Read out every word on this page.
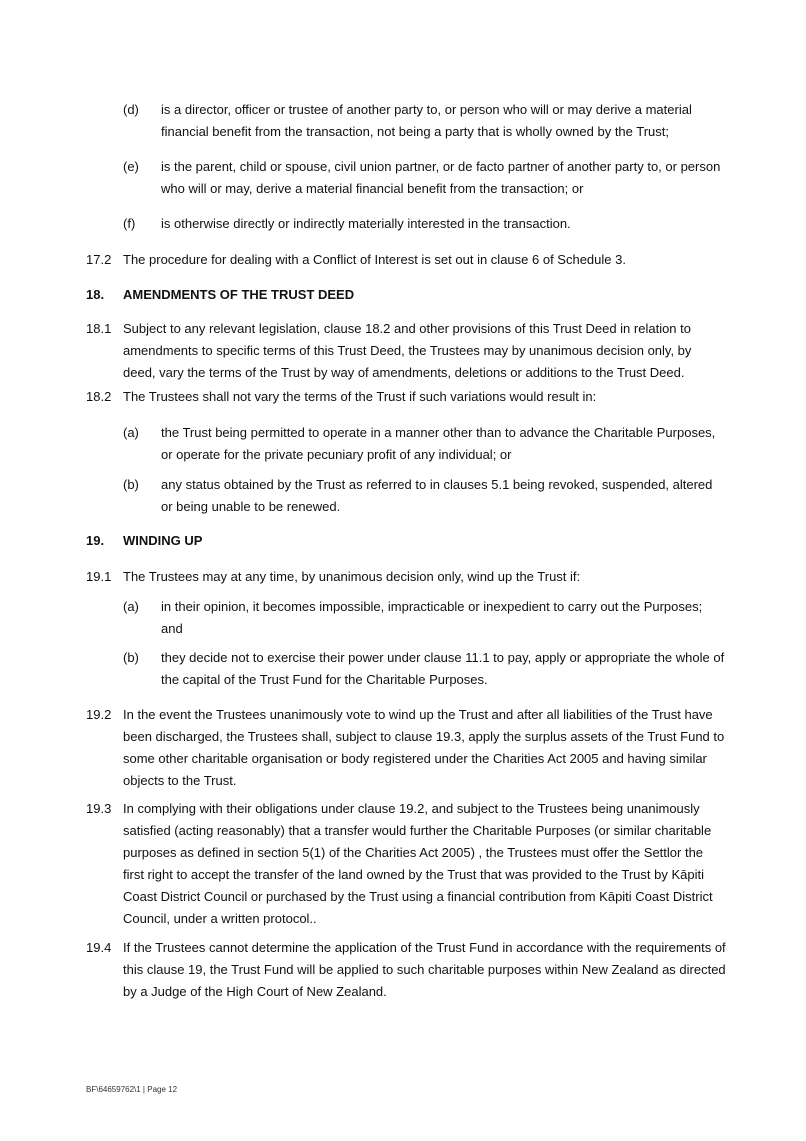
(d) is a director, officer or trustee of another party to, or person who will or may derive a material financial benefit from the transaction, not being a party that is wholly owned by the Trust;
(e) is the parent, child or spouse, civil union partner, or de facto partner of another party to, or person who will or may, derive a material financial benefit from the transaction; or
(f) is otherwise directly or indirectly materially interested in the transaction.
17.2 The procedure for dealing with a Conflict of Interest is set out in clause 6 of Schedule 3.
18. AMENDMENTS OF THE TRUST DEED
18.1 Subject to any relevant legislation, clause 18.2 and other provisions of this Trust Deed in relation to amendments to specific terms of this Trust Deed, the Trustees may by unanimous decision only, by deed, vary the terms of the Trust by way of amendments, deletions or additions to the Trust Deed.
18.2 The Trustees shall not vary the terms of the Trust if such variations would result in:
(a) the Trust being permitted to operate in a manner other than to advance the Charitable Purposes, or operate for the private pecuniary profit of any individual; or
(b) any status obtained by the Trust as referred to in clauses 5.1 being revoked, suspended, altered or being unable to be renewed.
19. WINDING UP
19.1 The Trustees may at any time, by unanimous decision only, wind up the Trust if:
(a) in their opinion, it becomes impossible, impracticable or inexpedient to carry out the Purposes; and
(b) they decide not to exercise their power under clause 11.1 to pay, apply or appropriate the whole of the capital of the Trust Fund for the Charitable Purposes.
19.2 In the event the Trustees unanimously vote to wind up the Trust and after all liabilities of the Trust have been discharged, the Trustees shall, subject to clause 19.3, apply the surplus assets of the Trust Fund to some other charitable organisation or body registered under the Charities Act 2005 and having similar objects to the Trust.
19.3 In complying with their obligations under clause 19.2, and subject to the Trustees being unanimously satisfied (acting reasonably) that a transfer would further the Charitable Purposes (or similar charitable purposes as defined in section 5(1) of the Charities Act 2005) , the Trustees must offer the Settlor the first right to accept the transfer of the land owned by the Trust that was provided to the Trust by Kāpiti Coast District Council or purchased by the Trust using a financial contribution from Kāpiti Coast District Council, under a written protocol..
19.4 If the Trustees cannot determine the application of the Trust Fund in accordance with the requirements of this clause 19, the Trust Fund will be applied to such charitable purposes within New Zealand as directed by a Judge of the High Court of New Zealand.
BF\64659762\1 | Page 12
